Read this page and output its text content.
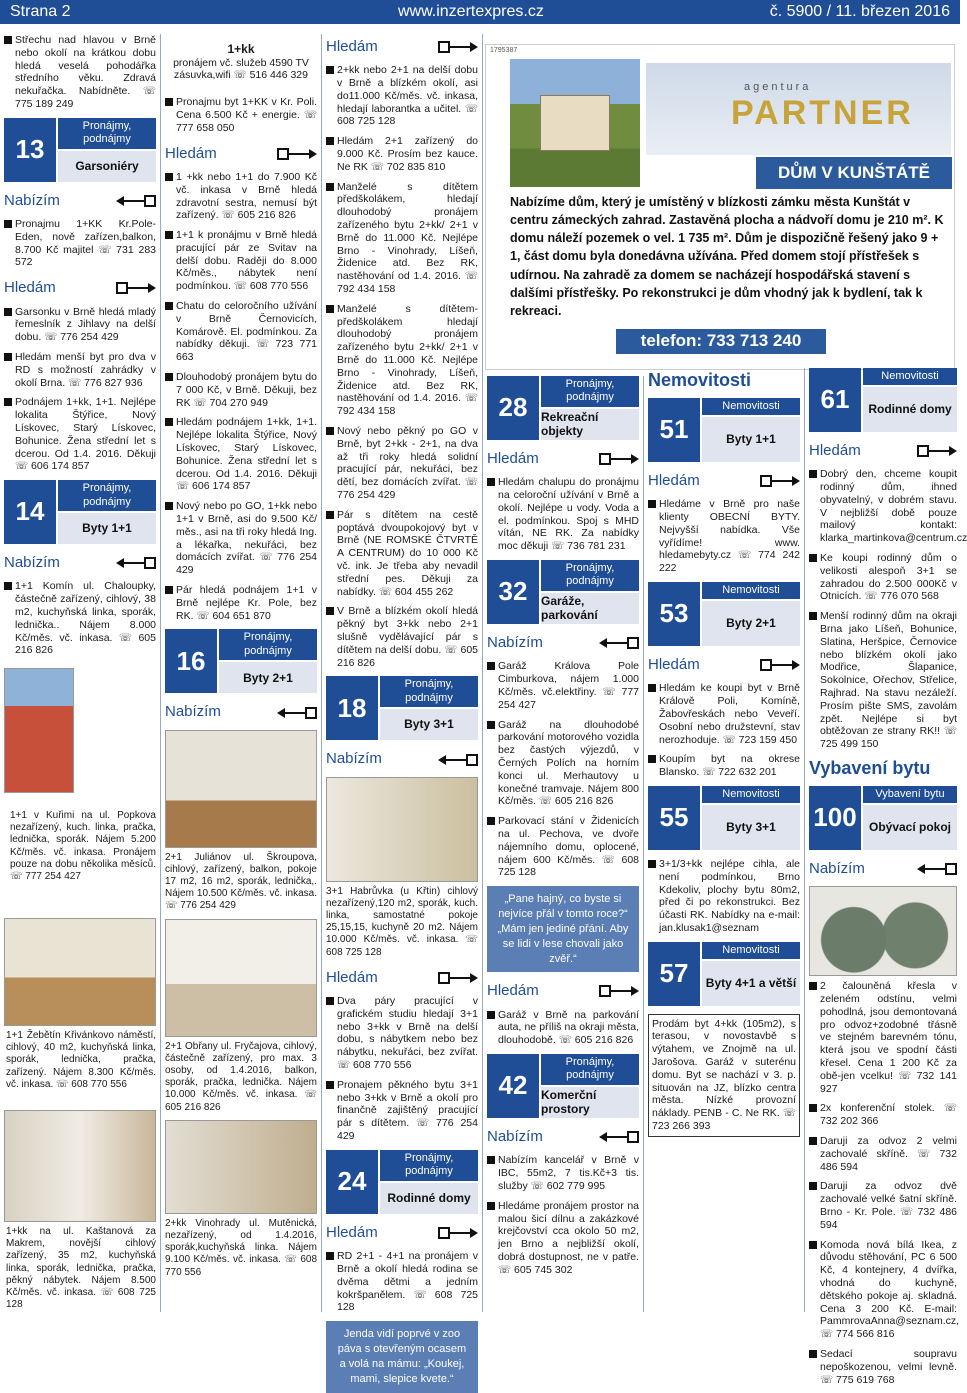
Strana 2	www.inzertexpres.cz	č. 5900 / 11. březen 2016
Střechu nad hlavou v Brně nebo okolí na krátkou dobu hledá veselá pohodářka středního věku. Zdravá nekuřačka. Nabídněte. ☏ 775 189 249
13
Pronájmy, podnájmy
Garsoniéry
Nabízím
Pronajmu 1+KK Kr.Pole-Eden, nově zařízen,balkon, 8.700 Kč majitel ☏ 731 283 572
Hledám
Garsonku v Brně hledá mladý řemeslník z Jihlavy na delší dobu. ☏ 776 254 429
Hledám menší byt pro dva v RD s možností zahrádky v okolí Brna. ☏ 776 827 936
Podnájem 1+kk, 1+1. Nejlépe lokalita Štýřice, Nový Lískovec, Starý Lískovec, Bohunice. Žena střední let s dcerou. Od 1.4. 2016. Děkuji ☏ 606 174 857
14
Pronájmy, podnájmy
Byty 1+1
Nabízím
1+1 Komín ul. Chaloupky, částečně zařízený, cihlový, 38 m2, kuchyňská linka, sporák, lednička.. Nájem 8.000 Kč/měs. vč. inkasa. ☏ 605 216 826
1+1 v Kuřimi na ul. Popkova nezařízený, kuch. linka, pračka, lednička, sporák. Nájem 5.200 Kč/měs. vč. inkasa. Pronájem pouze na dobu několika měsíců. ☏ 777 254 427
1+1 Žebětín Křivánkovo náměstí, cihlový, 40 m2, kuchyňská linka, sporák, lednička, pračka, zařízený. Nájem 8.300 Kč/měs. vč. inkasa. ☏ 608 770 556
1+kk na ul. Kaštanová za Makrem, novější cihlový zařízený, 35 m2, kuchyňská linka, sporák, lednička, pračka, pěkný nábytek. Nájem 8.500 Kč/měs. vč. inkasa. ☏ 608 725 128
1+kk
pronájem vč. služeb 4590 TV zásuvka,wifi ☏ 516 446 329
Pronajmu byt 1+KK v Kr. Poli. Cena 6.500 Kč + energie. ☏ 777 658 050
Hledám
1 +kk nebo 1+1 do 7.900 Kč vč. inkasa v Brně hledá zdravotní sestra, nemusí být zařízený. ☏ 605 216 826
1+1 k pronájmu v Brně hledá pracující pár ze Svitav na delší dobu. Raději do 8.000 Kč/měs., nábytek není podmínkou. ☏ 608 770 556
Chatu do celoročního užívání v Brně Černovicích, Komárově. El. podmínkou. Za nabídky děkuji. ☏ 723 771 663
Dlouhodobý pronájem bytu do 7 000 Kč, v Brně. Děkuji, bez RK ☏ 704 270 949
Hledám podnájem 1+kk, 1+1. Nejlépe lokalita Štýřice, Nový Lískovec, Starý Lískovec, Bohunice. Žena střední let s dcerou. Od 1.4. 2016. Děkuji ☏ 606 174 857
Nový nebo po GO, 1+kk nebo 1+1 v Brně, asi do 9.500 Kč/ měs., asi na tři roky hledá Ing. a lékařka, nekuřáci, bez domácích zvířat. ☏ 776 254 429
Pár hledá podnájem 1+1 v Brně nejlépe Kr. Pole, bez RK. ☏ 604 651 870
16
Pronájmy, podnájmy
Byty 2+1
Nabízím
2+1 Juliánov ul. Škroupova, cihlový, zařízený, balkon, pokoje 17 m2, 16 m2, sporák, lednička,. Nájem 10.500 Kč/měs. vč. inkasa. ☏ 776 254 429
2+1 Obřany ul. Fryčajova, cihlový, částečně zařízený, pro max. 3 osoby, od 1.4.2016, balkon, sporák, pračka, lednička. Nájem 10.000 Kč/měs. vč. inkasa. ☏ 605 216 826
2+kk Vinohrady ul. Mutěnická, nezařízený, od 1.4.2016, sporák,kuchyňská linka. Nájem 9.100 Kč/měs. vč. inkasa. ☏ 608 770 556
Hledám
2+kk nebo 2+1 na delší dobu v Brně a blízkém okolí, asi do11.000 Kč/měs. vč. inkasa, hledají laborantka a učitel. ☏ 608 725 128
Hledám 2+1 zařízený do 9.000 Kč. Prosím bez kauce. Ne RK ☏ 702 835 810
Manželé s dítětem předškolákem, hledají dlouhodobý pronájem zařízeného bytu 2+kk/ 2+1 v Brně do 11.000 Kč. Nejlépe Brno - Vinohrady, Líšeň, Židenice atd. Bez RK, nastěhování od 1.4. 2016. ☏ 792 434 158
Manželé s dítětem-předškolákem hledají dlouhodobý pronájem zařízeného bytu 2+kk/ 2+1 v Brně do 11.000 Kč. Nejlépe Brno - Vinohrady, Líšeň, Židenice atd. Bez RK, nastěhování od 1.4. 2016. ☏ 792 434 158
Nový nebo pěkný po GO v Brně, byt 2+kk - 2+1, na dva až tři roky hledá solidní pracující pár, nekuřáci, bez dětí, bez domácích zvířat. ☏ 776 254 429
Pár s dítětem na cestě poptává dvoupokojový byt v Brně (NE ROMSKÉ ČTVRTĚ A CENTRUM) do 10 000 Kč vč. ink. Je třeba aby nevadil střední pes. Děkuji za nabídky. ☏ 604 455 262
V Brně a blízkém okolí hledá pěkný byt 3+kk nebo 2+1 slušně vydělávající pár s dítětem na delší dobu. ☏ 605 216 826
18
Pronájmy, podnájmy
Byty 3+1
Nabízím
3+1 Habrůvka (u Křtin) cihlový nezařízený,120 m2, sporák, kuch. linka, samostatné pokoje 25,15,15, kuchyně 20 m2. Nájem 10.000 Kč/měs. vč. inkasa. ☏ 608 725 128
Hledám
Dva páry pracující v grafickém studiu hledají 3+1 nebo 3+kk v Brně na delší dobu, s nábytkem nebo bez nábytku, nekuřáci, bez zvířat. ☏ 608 770 556
Pronajem pěkného bytu 3+1 nebo 3+kk v Brně a okolí pro finančně zajištěný pracující pár s dítětem. ☏ 776 254 429
24
Pronájmy, podnájmy
Rodinné domy
Hledám
RD 2+1 - 4+1 na pronájem v Brně a okolí hledá rodina se dvěma dětmi a jedním kokršpanělem. ☏ 608 725 128
Jenda vidí poprvé v zoo páva s otevřeným ocasem a volá na mámu: „Koukej, mami, slepice kvete.“
1795387
agentura
PARTNER
DŮM V KUNŠTÁTĚ
Nabízíme dům, který je umístěný v blízkosti zámku města Kunštát v centru zámeckých zahrad. Zastavěná plocha a nádvoří domu je 210 m². K domu náleží pozemek o vel. 1 735 m². Dům je dispozičně řešený jako 9 + 1, část domu byla donedávna užívána. Před domem stojí přístřešek s udírnou. Na zahradě za domem se nacházejí hospodářská stavení s dalšími přístřešky. Po rekonstrukci je dům vhodný jak k bydlení, tak k rekreaci.
telefon: 733 713 240
28
Pronájmy, podnájmy
Rekreační objekty
Hledám
Hledám chalupu do pronájmu na celoroční užívání v Brně a okolí. Nejlépe u vody. Voda a el. podmínkou. Spoj s MHD vítán, NE RK. Za nabídky moc děkuji ☏ 736 781 231
32
Pronájmy, podnájmy
Garáže, parkování
Nabízím
Garáž Králova Pole Cimburkova, nájem 1.000 Kč/měs. vč.elektřiny. ☏ 777 254 427
Garáž na dlouhodobé parkování motorového vozidla bez častých výjezdů, v Černých Polích na horním konci ul. Merhautovy u konečné tramvaje. Nájem 800 Kč/měs. ☏ 605 216 826
Parkovací stání v Židenicích na ul. Pechova, ve dvoře nájemního domu, oplocené, nájem 600 Kč/měs. ☏ 608 725 128
„Pane hajný, co byste si nejvíce přál v tomto roce?“ „Mám jen jediné přání. Aby se lidi v lese chovali jako zvěř.“
Hledám
Garáž v Brně na parkování auta, ne příliš na okraji města, dlouhodobě. ☏ 605 216 826
42
Pronájmy, podnájmy
Komerční prostory
Nabízím
Nabízím kancelář v Brně v IBC, 55m2, 7 tis.Kč+3 tis. služby ☏ 602 779 995
Hledáme pronájem prostor na malou šicí dílnu a zakázkové krejčovství cca okolo 50 m2, jen Brno a nejbližší okolí, dobrá dostupnost, ne v patře. ☏ 605 745 302
Nemovitosti
51
Nemovitosti
Byty 1+1
Hledám
Hledáme v Brně pro naše klienty OBECNÍ BYTY. Nejvyšší nabídka. Vše vyřídíme! www. hledamebyty.cz ☏ 774 242 222
53
Nemovitosti
Byty 2+1
Hledám
Hledám ke koupi byt v Brně Králově Poli, Komíně, Žabovřeskách nebo Veveří. Osobní nebo družstevní, stav nerozhoduje. ☏ 723 159 450
Koupím byt na okrese Blansko. ☏ 722 632 201
55
Nemovitosti
Byty 3+1
3+1/3+kk nejlépe cihla, ale není podmínkou, Brno Kdekoliv, plochy bytu 80m2, před či po rekonstrukci. Bez účasti RK. Nabídky na e-mail: jan.klusak1@seznam
57
Nemovitosti
Byty 4+1 a větší
Prodám byt 4+kk (105m2), s terasou, v novostavbě s výtahem, ve Znojmě na ul. Jarošova. Garáž v suterénu domu. Byt se nachází v 3. p. situován na JZ, blízko centra města. Nízké provozní náklady. PENB - C. Ne RK. ☏ 723 266 393
61
Nemovitosti
Rodinné domy
Hledám
Dobrý den, chceme koupit rodinný dům, ihned obyvatelný, v dobrém stavu. V nejbližší době pouze mailový kontakt: klarka_martinkova@centrum.cz
Ke koupi rodinný dům o velikosti alespoň 3+1 se zahradou do 2.500 000Kč v Otnicích. ☏ 776 070 568
Menší rodinný dům na okraji Brna jako Líšeň, Bohunice, Slatina, Heršpice, Černovice nebo blízkém okolí jako Modřice, Šlapanice, Sokolnice, Ořechov, Střelice, Rajhrad. Na stavu nezáleží. Prosím pište SMS, zavolám zpět. Nejlépe si byt obtěžovan ze strany RK!! ☏ 725 499 150
Vybavení bytu
100
Vybavení bytu
Obývací pokoj
Nabízím
2 čalouněná křesla v zeleném odstínu, velmi pohodlná, jsou demontovaná pro odvoz+zodobné třásně ve stejném barevném tónu, která jsou ve spodní části křesel. Cena 1 200 Kč za obě-jen vcelku! ☏ 732 141 927
2x konferenční stolek. ☏ 732 202 366
Daruji za odvoz 2 velmi zachovalé skříně. ☏ 732 486 594
Daruji za odvoz dvě zachovalé velké šatní skříně. Brno - Kr. Pole. ☏ 732 486 594
Komoda nová bílá Ikea, z důvodu stěhování, PC 6 500 Kč, 4 kontejnery, 4 dvířka, vhodná do kuchyně, dětského pokoje aj. skladná. Cena 3 200 Kč. E-mail: PammrovaAnna@seznam.cz, ☏ 774 566 816
Sedací soupravu nepoškozenou, velmi levně. ☏ 775 619 768
